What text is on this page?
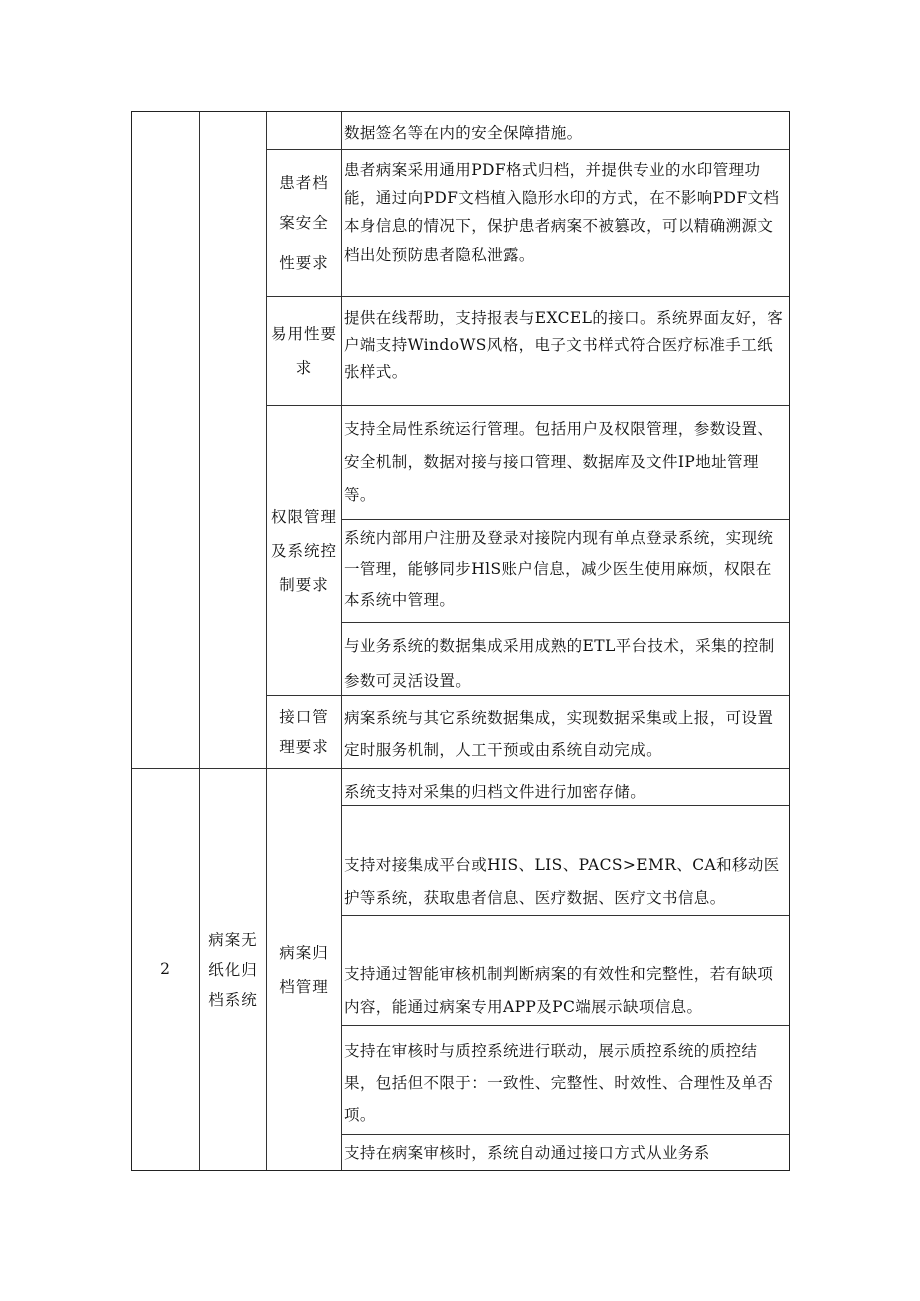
患者档案安全性要求
易用性要求
权限管理及系统控制要求
接口管理要求
数据签名等在内的安全保障措施。
患者病案采用通用PDF格式归档，并提供专业的水印管理功能，通过向PDF文档植入隐形水印的方式，在不影响PDF文档本身信息的情况下，保护患者病案不被篡改，可以精确溯源文档出处预防患者隐私泄露。
提供在线帮助，支持报表与EXCEL的接口。系统界面友好，客户端支持WindoWS风格，电子文书样式符合医疗标准手工纸张样式。
支持全局性系统运行管理。包括用户及权限管理，参数设置、安全机制，数据对接与接口管理、数据库及文件IP地址管理等。
系统内部用户注册及登录对接院内现有单点登录系统，实现统一管理，能够同步HlS账户信息，减少医生使用麻烦，权限在本系统中管理。
与业务系统的数据集成采用成熟的ETL平台技术，采集的控制参数可灵活设置。
病案系统与其它系统数据集成，实现数据采集或上报，可设置定时服务机制，人工干预或由系统自动完成。
2
病案无纸化归档系统
病案归档管理
系统支持对采集的归档文件进行加密存储。
支持对接集成平台或HIS、LIS、PACS>EMR、CA和移动医护等系统，获取患者信息、医疗数据、医疗文书信息。
支持通过智能审核机制判断病案的有效性和完整性，若有缺项内容，能通过病案专用APP及PC端展示缺项信息。
支持在审核时与质控系统进行联动，展示质控系统的质控结果，包括但不限于：一致性、完整性、时效性、合理性及单否项。
支持在病案审核时，系统自动通过接口方式从业务系
